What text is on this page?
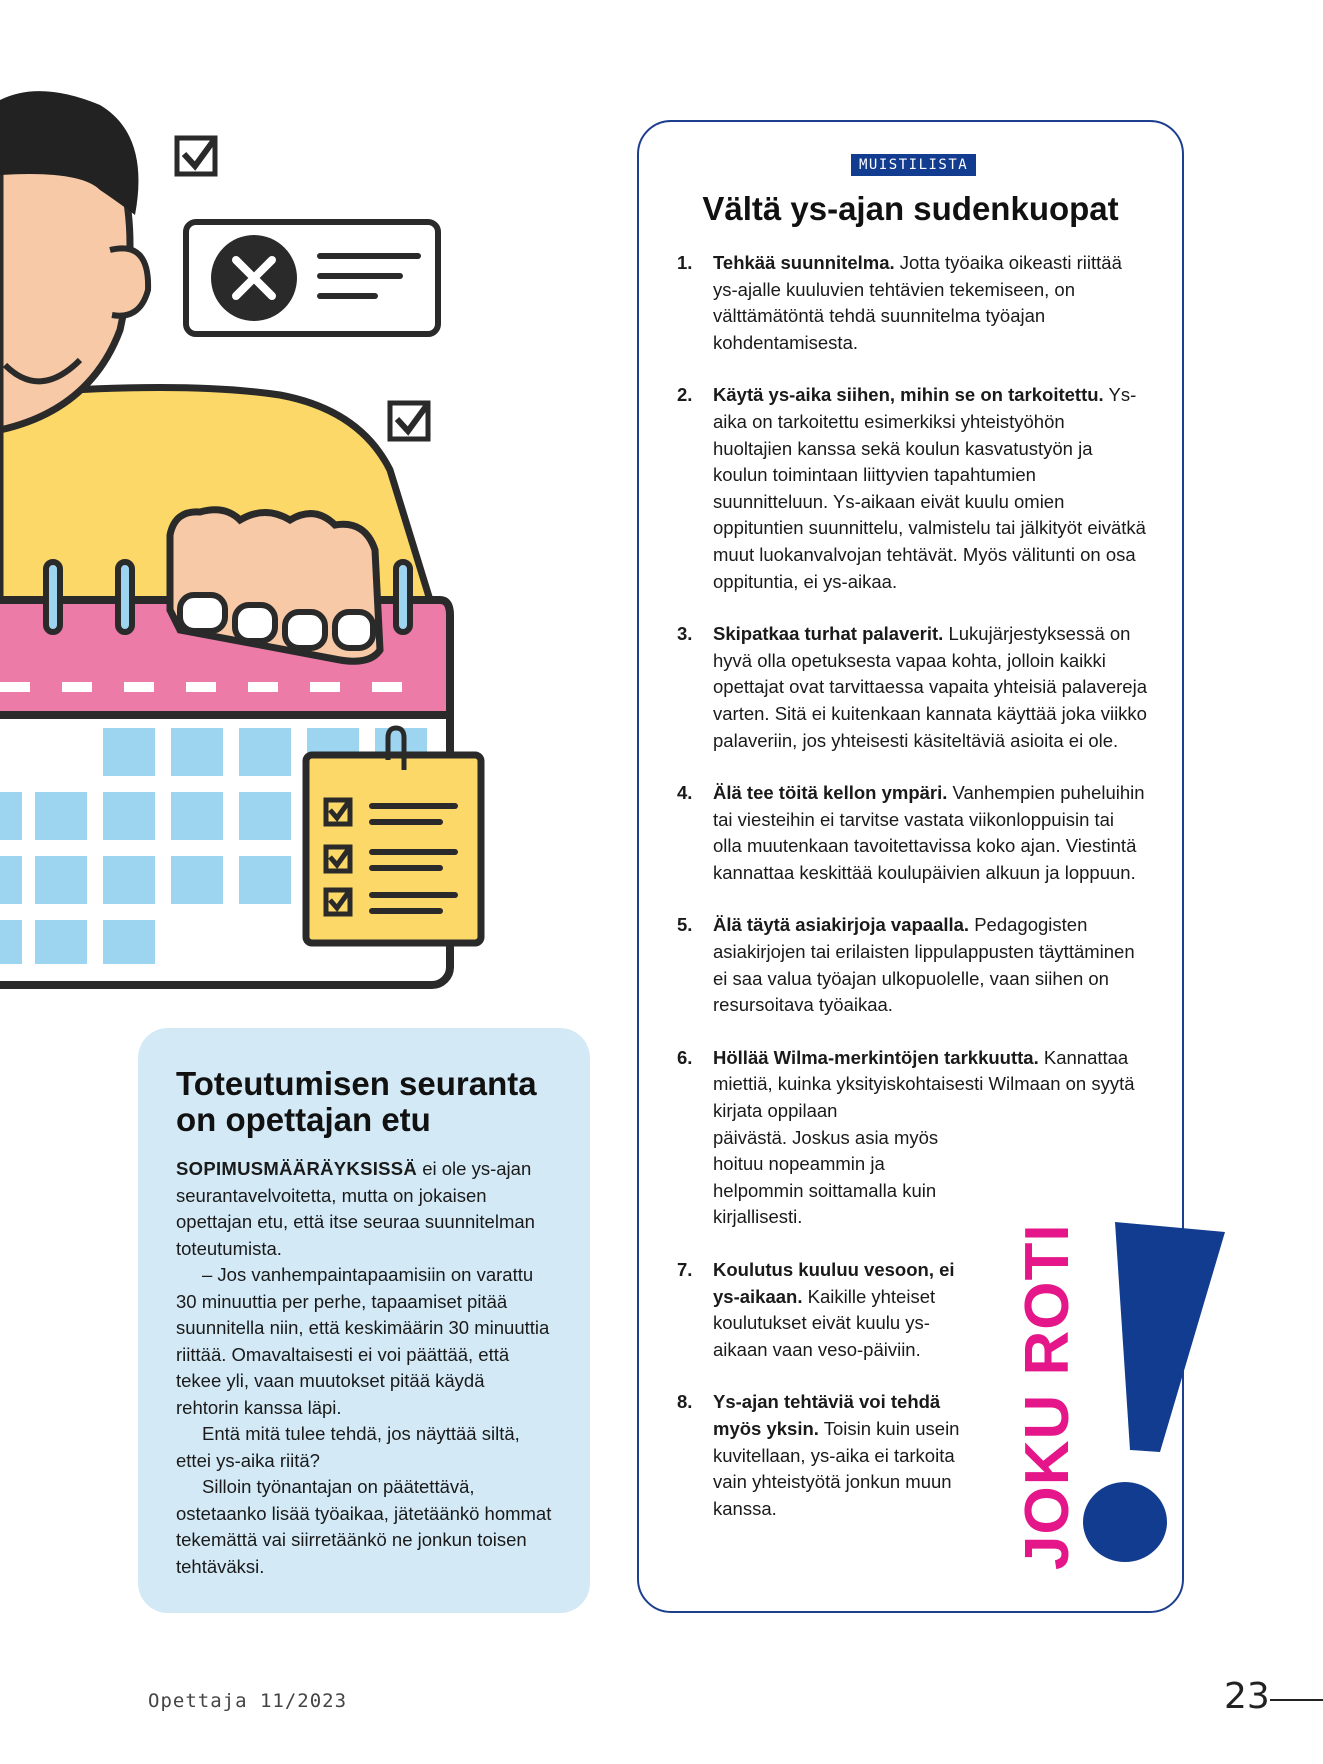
Toteutumisen seuranta
on opettajan etu

SOPIMUSMÄÄRÄYKSISSÄ ei ole ys-ajan seurantavelvoitetta, mutta on jokaisen opettajan etu, että itse seuraa suunnitelman toteutumista.

– Jos vanhempaintapaamisiin on varattu 30 minuuttia per perhe, tapaamiset pitää suunnitella niin, että keskimäärin 30 minuuttia riittää. Omavaltaisesti ei voi päättää, että tekee yli, vaan muutokset pitää käydä rehtorin kanssa läpi.

Entä mitä tulee tehdä, jos näyttää siltä, ettei ys-aika riitä?

Silloin työnantajan on päätettävä, ostetaanko lisää työaikaa, jätetäänkö hommat tekemättä vai siirretäänkö ne jonkun toisen tehtäväksi.

MUISTILISTA
Vältä ys-ajan sudenkuopat
1. Tehkää suunnitelma. Jotta työaika oikeasti riittää ys-ajalle kuuluvien tehtävien tekemiseen, on välttämätöntä tehdä suunnitelma työajan kohdentamisesta.
2. Käytä ys-aika siihen, mihin se on tarkoitettu. Ys-aika on tarkoitettu esimerkiksi yhteistyöhön huoltajien kanssa sekä koulun kasvatustyön ja koulun toimintaan liittyvien tapahtumien suunnitteluun. Ys-aikaan eivät kuulu omien oppituntien suunnittelu, valmistelu tai jälkityöt eivätkä muut luokanvalvojan tehtävät. Myös välitunti on osa oppituntia, ei ys-aikaa.
3. Skipatkaa turhat palaverit. Lukujärjestyksessä on hyvä olla opetuksesta vapaa kohta, jolloin kaikki opettajat ovat tarvittaessa vapaita yhteisiä palavereja varten. Sitä ei kuitenkaan kannata käyttää joka viikko palaveriin, jos yhteisesti käsiteltäviä asioita ei ole.
4. Älä tee töitä kellon ympäri. Vanhempien puheluihin tai viesteihin ei tarvitse vastata viikonloppuisin tai olla muutenkaan tavoitettavissa koko ajan. Viestintä kannattaa keskittää koulupäivien alkuun ja loppuun.
5. Älä täytä asiakirjoja vapaalla. Pedagogisten asiakirjojen tai erilaisten lippulappusten täyttäminen ei saa valua työajan ulkopuolelle, vaan siihen on resursoitava työaikaa.
6. Höllää Wilma-merkintöjen tarkkuutta. Kannattaa miettiä, kuinka yksityiskohtaisesti Wilmaan on syytä kirjata oppilaan
päivästä. Joskus asia myös hoituu nopeammin ja helpommin soittamalla kuin kirjallisesti.
7. Koulutus kuuluu vesoon, ei ys-aikaan. Kaikille yhteiset koulutukset eivät kuulu ys-aikaan vaan veso-päiviin.
8. Ys-ajan tehtäviä voi tehdä myös yksin. Toisin kuin usein kuvitellaan, ys-aika ei tarkoita vain yhteistyötä jonkun muun kanssa.	JOKU ROTI
Opettaja 11/2023	23
